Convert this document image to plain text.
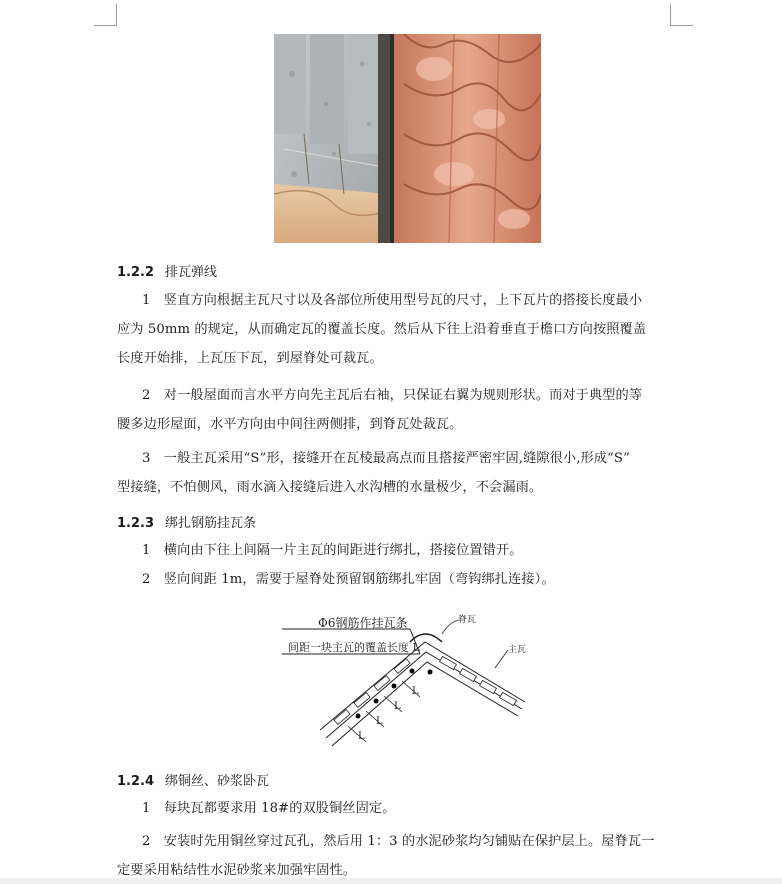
1.2.2 排瓦弹线
1　竖直方向根据主瓦尺寸以及各部位所使用型号瓦的尺寸，上下瓦片的搭接长度最小
应为 50mm 的规定，从而确定瓦的覆盖长度。然后从下往上沿着垂直于檐口方向按照覆盖
长度开始排，上瓦压下瓦，到屋脊处可裁瓦。
2　对一般屋面而言水平方向先主瓦后右袖，只保证右翼为规则形状。而对于典型的等
腰多边形屋面，水平方向由中间往两侧排，到脊瓦处裁瓦。
3　一般主瓦采用“S”形，接缝开在瓦棱最高点而且搭接严密牢固,缝隙很小,形成“S”
型接缝，不怕侧风，雨水滴入接缝后进入水沟槽的水量极少，不会漏雨。
1.2.3 绑扎钢筋挂瓦条
1　横向由下往上间隔一片主瓦的间距进行绑扎，搭接位置错开。
2　竖向间距 1m，需要于屋脊处预留钢筋绑扎牢固（弯钩绑扎连接）。
Φ6钢筋作挂瓦条
间距一块主瓦的覆盖长度 L
脊瓦
主瓦
L
L
L
L
1.2.4 绑铜丝、砂浆卧瓦
1　每块瓦都要求用 18#的双股铜丝固定。
2　安装时先用铜丝穿过瓦孔，然后用 1：3 的水泥砂浆均匀铺贴在保护层上。屋脊瓦一
定要采用粘结性水泥砂浆来加强牢固性。
